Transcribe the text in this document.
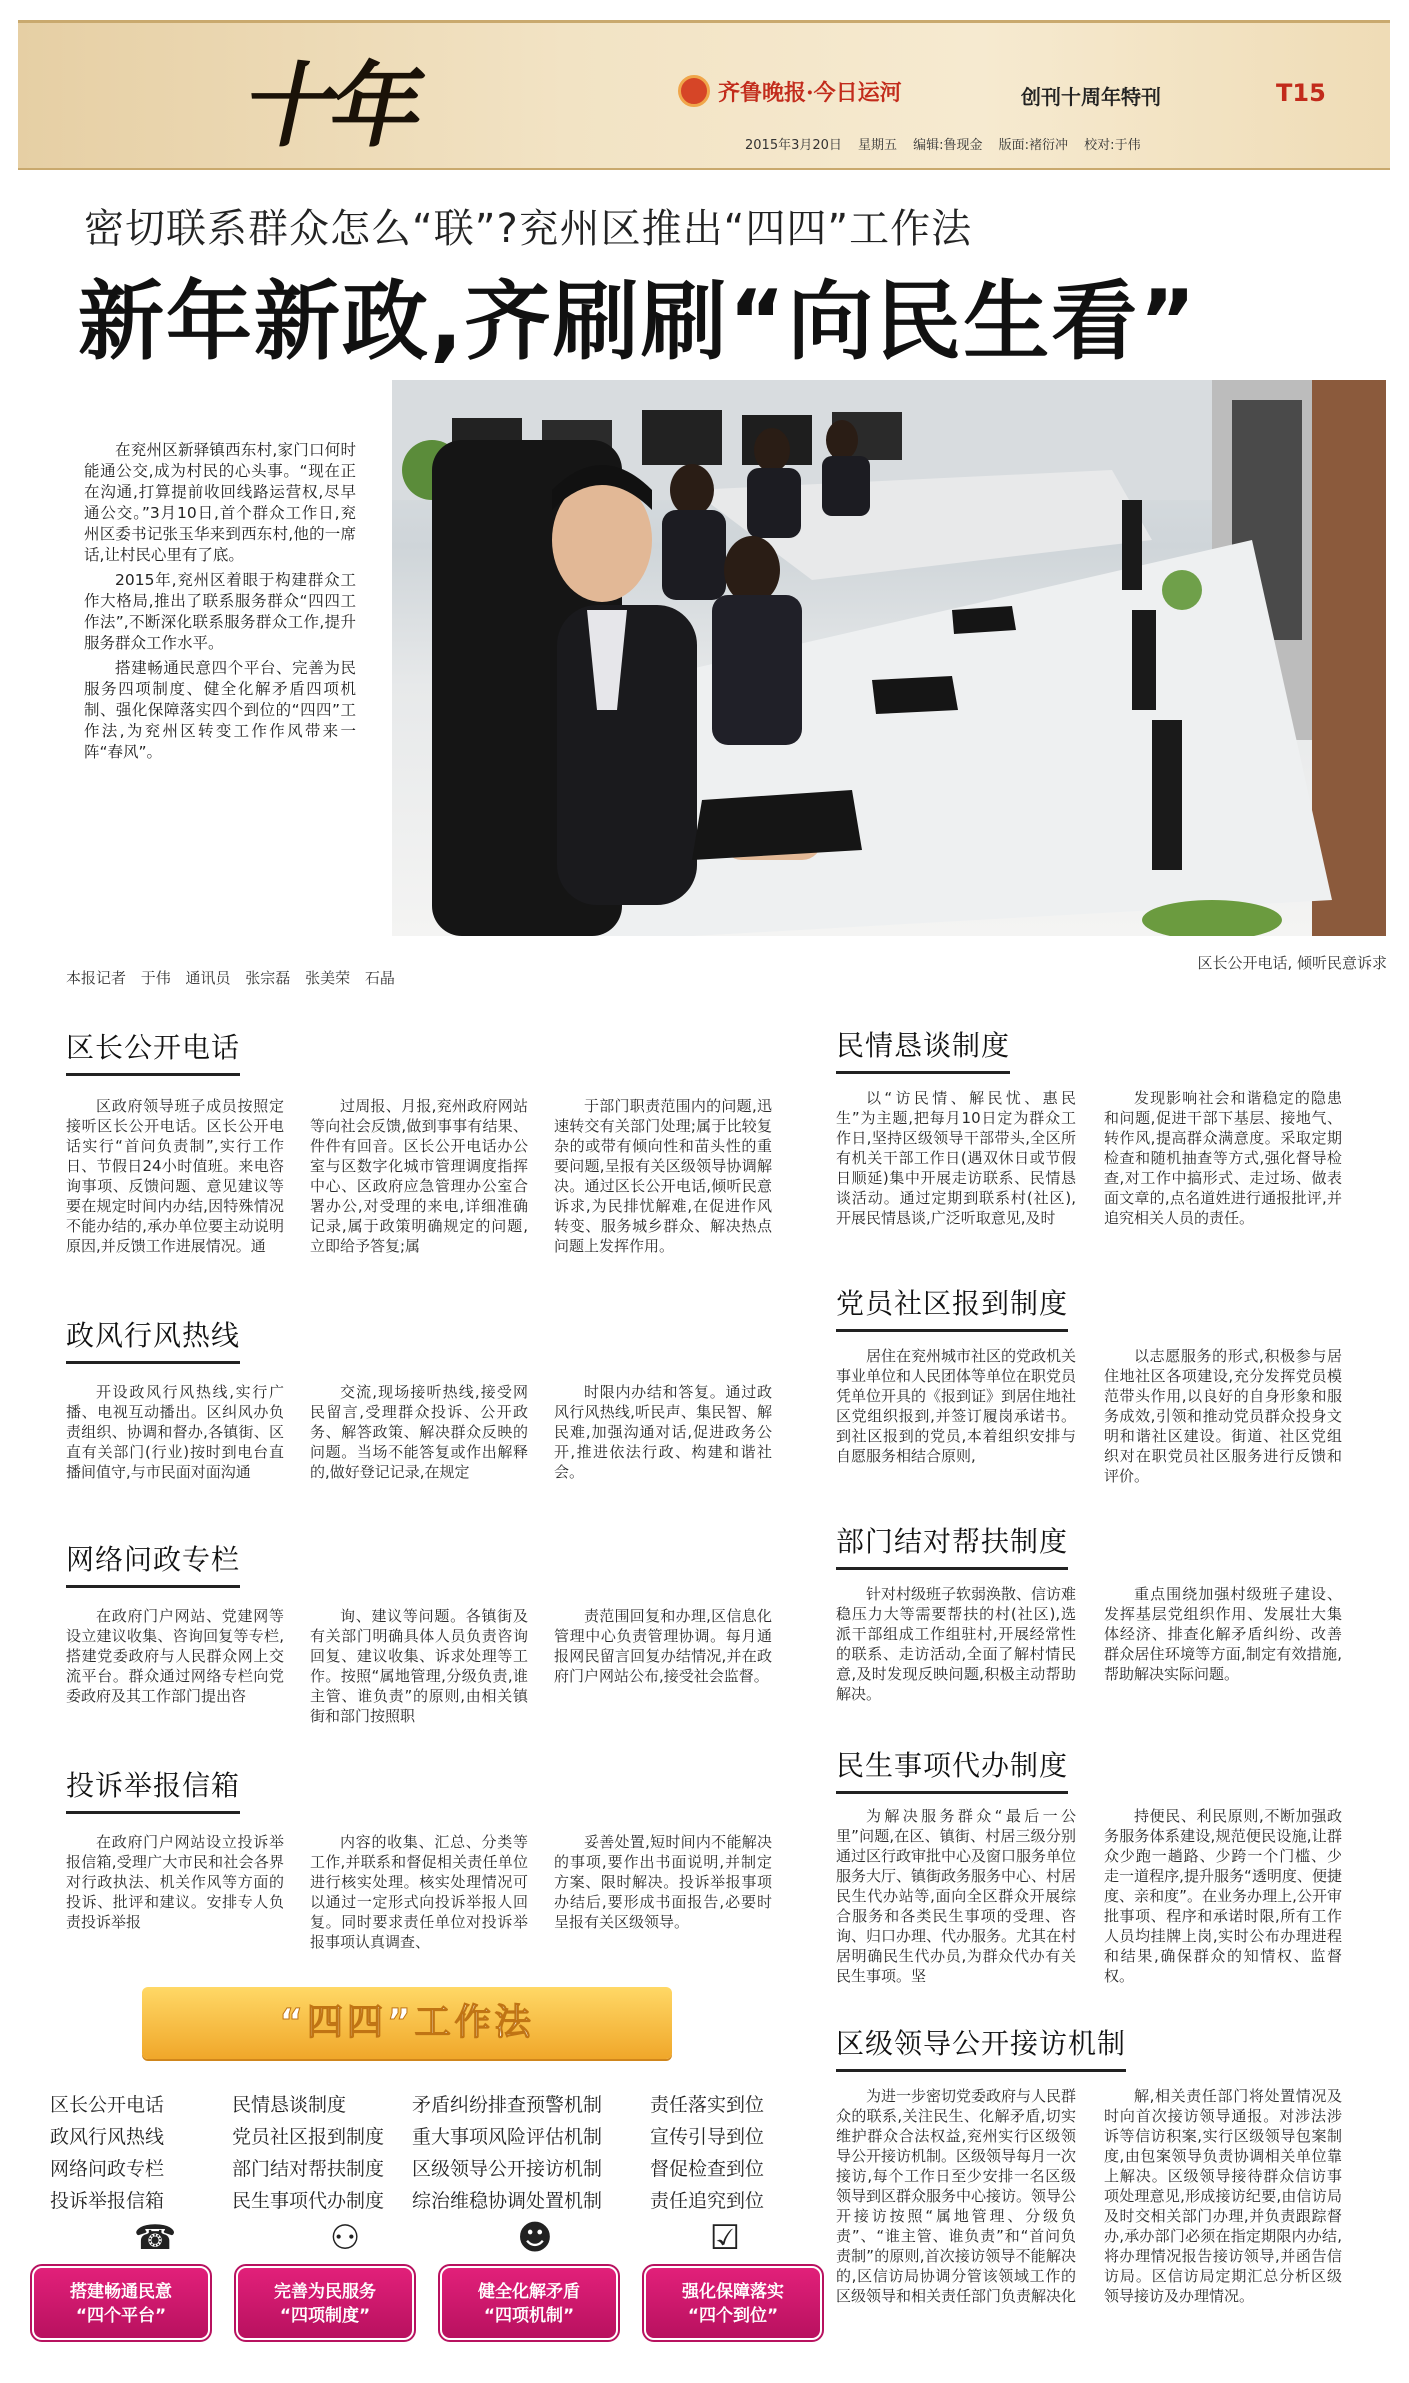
十年	齐鲁晚报·今日运河	创刊十周年特刊	T15
2015年3月20日 星期五 编辑:鲁现金 版面:褚衍冲 校对:于伟
密切联系群众怎么“联”?兖州区推出“四四”工作法
新年新政,齐刷刷“向民生看”

在兖州区新驿镇西东村,家门口何时能通公交,成为村民的心头事。“现在正在沟通,打算提前收回线路运营权,尽早通公交。”3月10日,首个群众工作日,兖州区委书记张玉华来到西东村,他的一席话,让村民心里有了底。

2015年,兖州区着眼于构建群众工作大格局,推出了联系服务群众“四四工作法”,不断深化联系服务群众工作,提升服务群众工作水平。

搭建畅通民意四个平台、完善为民服务四项制度、健全化解矛盾四项机制、强化保障落实四个到位的“四四”工作法,为兖州区转变工作作风带来一阵“春风”。

区长公开电话, 倾听民意诉求
本报记者 于伟 通讯员 张宗磊 张美荣 石晶
区长公开电话

区政府领导班子成员按照定接听区长公开电话。区长公开电话实行“首问负责制”,实行工作日、节假日24小时值班。来电咨询事项、反馈问题、意见建议等要在规定时间内办结,因特殊情况不能办结的,承办单位要主动说明原因,并反馈工作进展情况。通

过周报、月报,兖州政府网站等向社会反馈,做到事事有结果、件件有回音。区长公开电话办公室与区数字化城市管理调度指挥中心、区政府应急管理办公室合署办公,对受理的来电,详细准确记录,属于政策明确规定的问题,立即给予答复;属

于部门职责范围内的问题,迅速转交有关部门处理;属于比较复杂的或带有倾向性和苗头性的重要问题,呈报有关区级领导协调解决。通过区长公开电话,倾听民意诉求,为民排忧解难,在促进作风转变、服务城乡群众、解决热点问题上发挥作用。

政风行风热线

开设政风行风热线,实行广播、电视互动播出。区纠风办负责组织、协调和督办,各镇街、区直有关部门(行业)按时到电台直播间值守,与市民面对面沟通

交流,现场接听热线,接受网民留言,受理群众投诉、公开政务、解答政策、解决群众反映的问题。当场不能答复或作出解释的,做好登记记录,在规定

时限内办结和答复。通过政风行风热线,听民声、集民智、解民难,加强沟通对话,促进政务公开,推进依法行政、构建和谐社会。

网络问政专栏

在政府门户网站、党建网等设立建议收集、咨询回复等专栏,搭建党委政府与人民群众网上交流平台。群众通过网络专栏向党委政府及其工作部门提出咨

询、建议等问题。各镇街及有关部门明确具体人员负责咨询回复、建议收集、诉求处理等工作。按照“属地管理,分级负责,谁主管、谁负责”的原则,由相关镇街和部门按照职

责范围回复和办理,区信息化管理中心负责管理协调。每月通报网民留言回复办结情况,并在政府门户网站公布,接受社会监督。

投诉举报信箱

在政府门户网站设立投诉举报信箱,受理广大市民和社会各界对行政执法、机关作风等方面的投诉、批评和建议。安排专人负责投诉举报

内容的收集、汇总、分类等工作,并联系和督促相关责任单位进行核实处理。核实处理情况可以通过一定形式向投诉举报人回复。同时要求责任单位对投诉举报事项认真调查、

妥善处置,短时间内不能解决的事项,要作出书面说明,并制定方案、限时解决。投诉举报事项办结后,要形成书面报告,必要时呈报有关区级领导。

民情恳谈制度

以“访民情、解民忧、惠民生”为主题,把每月10日定为群众工作日,坚持区级领导干部带头,全区所有机关干部工作日(遇双休日或节假日顺延)集中开展走访联系、民情恳谈活动。通过定期到联系村(社区),开展民情恳谈,广泛听取意见,及时

发现影响社会和谐稳定的隐患和问题,促进干部下基层、接地气、转作风,提高群众满意度。采取定期检查和随机抽查等方式,强化督导检查,对工作中搞形式、走过场、做表面文章的,点名道姓进行通报批评,并追究相关人员的责任。

党员社区报到制度

居住在兖州城市社区的党政机关事业单位和人民团体等单位在职党员凭单位开具的《报到证》到居住地社区党组织报到,并签订履岗承诺书。到社区报到的党员,本着组织安排与自愿服务相结合原则,

以志愿服务的形式,积极参与居住地社区各项建设,充分发挥党员模范带头作用,以良好的自身形象和服务成效,引领和推动党员群众投身文明和谐社区建设。街道、社区党组织对在职党员社区服务进行反馈和评价。

部门结对帮扶制度

针对村级班子软弱涣散、信访难稳压力大等需要帮扶的村(社区),选派干部组成工作组驻村,开展经常性的联系、走访活动,全面了解村情民意,及时发现反映问题,积极主动帮助解决。

重点围绕加强村级班子建设、发挥基层党组织作用、发展壮大集体经济、排查化解矛盾纠纷、改善群众居住环境等方面,制定有效措施,帮助解决实际问题。

民生事项代办制度

为解决服务群众“最后一公里”问题,在区、镇街、村居三级分别通过区行政审批中心及窗口服务单位服务大厅、镇街政务服务中心、村居民生代办站等,面向全区群众开展综合服务和各类民生事项的受理、咨询、归口办理、代办服务。尤其在村居明确民生代办员,为群众代办有关民生事项。坚

持便民、利民原则,不断加强政务服务体系建设,规范便民设施,让群众少跑一趟路、少跨一个门槛、少走一道程序,提升服务“透明度、便捷度、亲和度”。在业务办理上,公开审批事项、程序和承诺时限,所有工作人员均挂牌上岗,实时公布办理进程和结果,确保群众的知情权、监督权。

区级领导公开接访机制

为进一步密切党委政府与人民群众的联系,关注民生、化解矛盾,切实维护群众合法权益,兖州实行区级领导公开接访机制。区级领导每月一次接访,每个工作日至少安排一名区级领导到区群众服务中心接访。领导公开接访按照“属地管理、分级负责”、“谁主管、谁负责”和“首问负责制”的原则,首次接访领导不能解决的,区信访局协调分管该领域工作的区级领导和相关责任部门负责解决化

解,相关责任部门将处置情况及时向首次接访领导通报。对涉法涉诉等信访积案,实行区级领导包案制度,由包案领导负责协调相关单位靠上解决。区级领导接待群众信访事项处理意见,形成接访纪要,由信访局及时交相关部门办理,并负责跟踪督办,承办部门必须在指定期限内办结,将办理情况报告接访领导,并函告信访局。区信访局定期汇总分析区级领导接访及办理情况。

“四四”工作法
区长公开电话	民情恳谈制度	矛盾纠纷排查预警机制	责任落实到位
政风行风热线	党员社区报到制度	重大事项风险评估机制	宣传引导到位
网络问政专栏	部门结对帮扶制度	区级领导公开接访机制	督促检查到位
投诉举报信箱	民生事项代办制度	综治维稳协调处置机制	责任追究到位
☎	⚇	☻	☑
搭建畅通民意
“四个平台”
完善为民服务
“四项制度”
健全化解矛盾
“四项机制”
强化保障落实
“四个到位”
